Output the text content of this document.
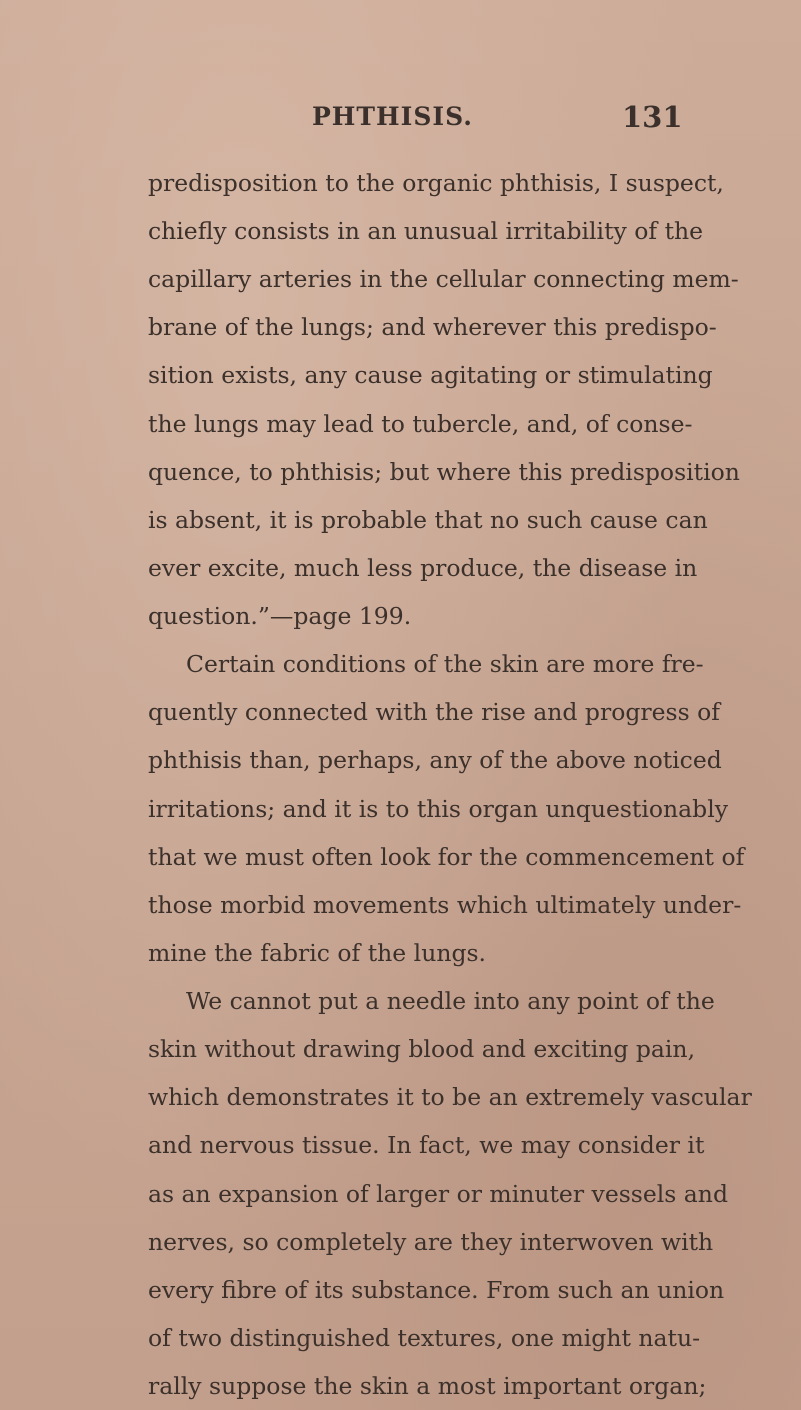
PHTHISIS.	131
predisposition to the organic phthisis, I suspect,
chiefly consists in an unusual irritability of the
capillary arteries in the cellular connecting mem-
brane of the lungs; and wherever this predispo-
sition exists, any cause agitating or stimulating
the lungs may lead to tubercle, and, of conse-
quence, to phthisis; but where this predisposition
is absent, it is probable that no such cause can
ever excite, much less produce, the disease in
question.”—page 199.
Certain conditions of the skin are more fre-
quently connected with the rise and progress of
phthisis than, perhaps, any of the above noticed
irritations; and it is to this organ unquestionably
that we must often look for the commencement of
those morbid movements which ultimately under-
mine the fabric of the lungs.
We cannot put a needle into any point of the
skin without drawing blood and exciting pain,
which demonstrates it to be an extremely vascular
and nervous tissue. In fact, we may consider it
as an expansion of larger or minuter vessels and
nerves, so completely are they interwoven with
every fibre of its substance. From such an union
of two distinguished textures, one might natu-
rally suppose the skin a most important organ;
